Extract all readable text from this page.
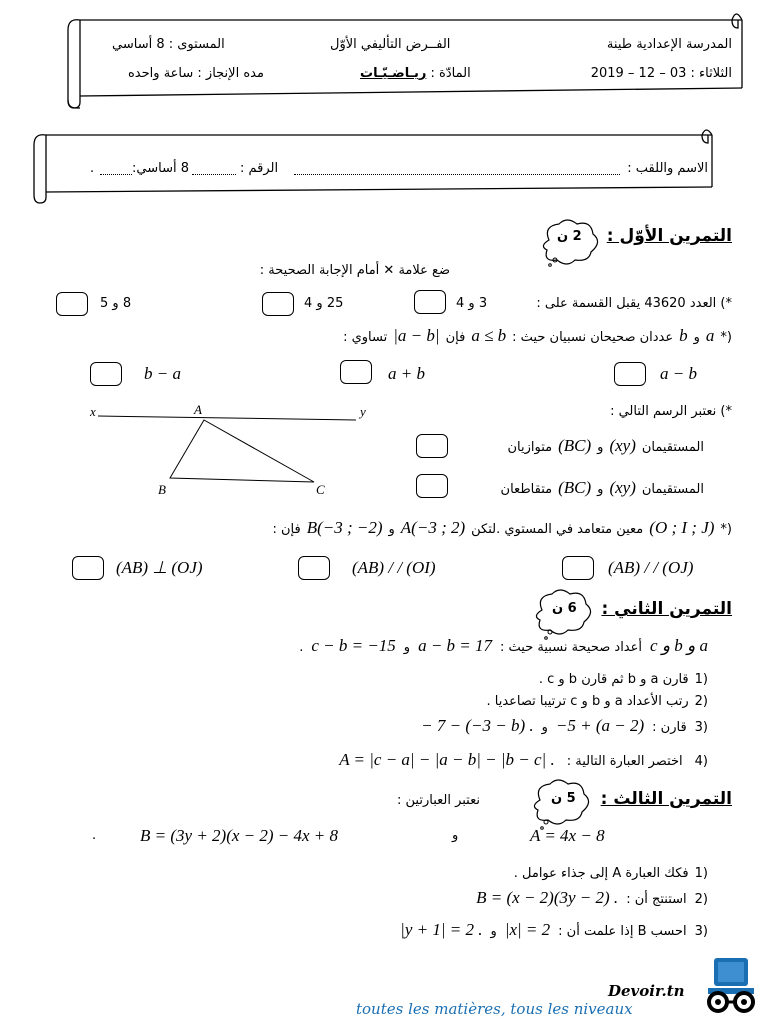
المدرسة الإعدادية طينة
الفــرض التأليفي الأوّل
المستوى : 8 أساسي
الثلاثاء : 03 – 12 – 2019
المادّة : ريـاضـيّـات
مده الإنجاز : ساعة واحده
الاسم واللقب :
الرقم :
8 أساسي:
.
التمرين الأوّل :
2 ن
ضع علامة ✕ أمام الإجابة الصحيحة :
*) العدد 43620 يقبل القسمة على :
3 و 4
25 و 4
8 و 5
*)
a
و
b
عددان صحيحان نسبيان حيث :
a ≤ b
فإن
|a − b|
تساوي :
a − b
a + b
b − a
*) نعتبر الرسم التالي :
x	y
A
B	C
المستقيمان
(xy)
و
(BC)
متوازيان
المستقيمان
(xy)
و
(BC)
متقاطعان
*)
(O ; I ; J)
معين متعامد في المستوي .لتكن
A(−3 ; 2)
و
B(−3 ; −2)
فإن :
(AB) / / (OJ)
(AB) / / (OI)
(AB) ⊥ (OJ)
التمرين الثاني :
6 ن
a و b و c
أعداد صحيحة نسبية حيث :
a − b = 17
و
c − b = −15
.
1)
قارن a و b ثم قارن b و c .
2)
رتب الأعداد a و b و c ترتيبا تصاعديا .
3)
قارن :
−5 + (a − 2)
و
− 7 − (−3 − b) .
4)
اختصر العبارة التالية :
A = |c − a| − |a − b| − |b − c| .
التمرين الثالث :
5 ن
نعتبر العبارتين :
A = 4x − 8
و
B = (3y + 2)(x − 2) − 4x + 8
.
1)
فكك العبارة A إلى جذاء عوامل .
2)
استنتج أن :
B = (x − 2)(3y − 2) .
3)
احسب B إذا علمت أن :
|x| = 2
و
|y + 1| = 2 .
Devoir.tn
toutes les matières, tous les niveaux
